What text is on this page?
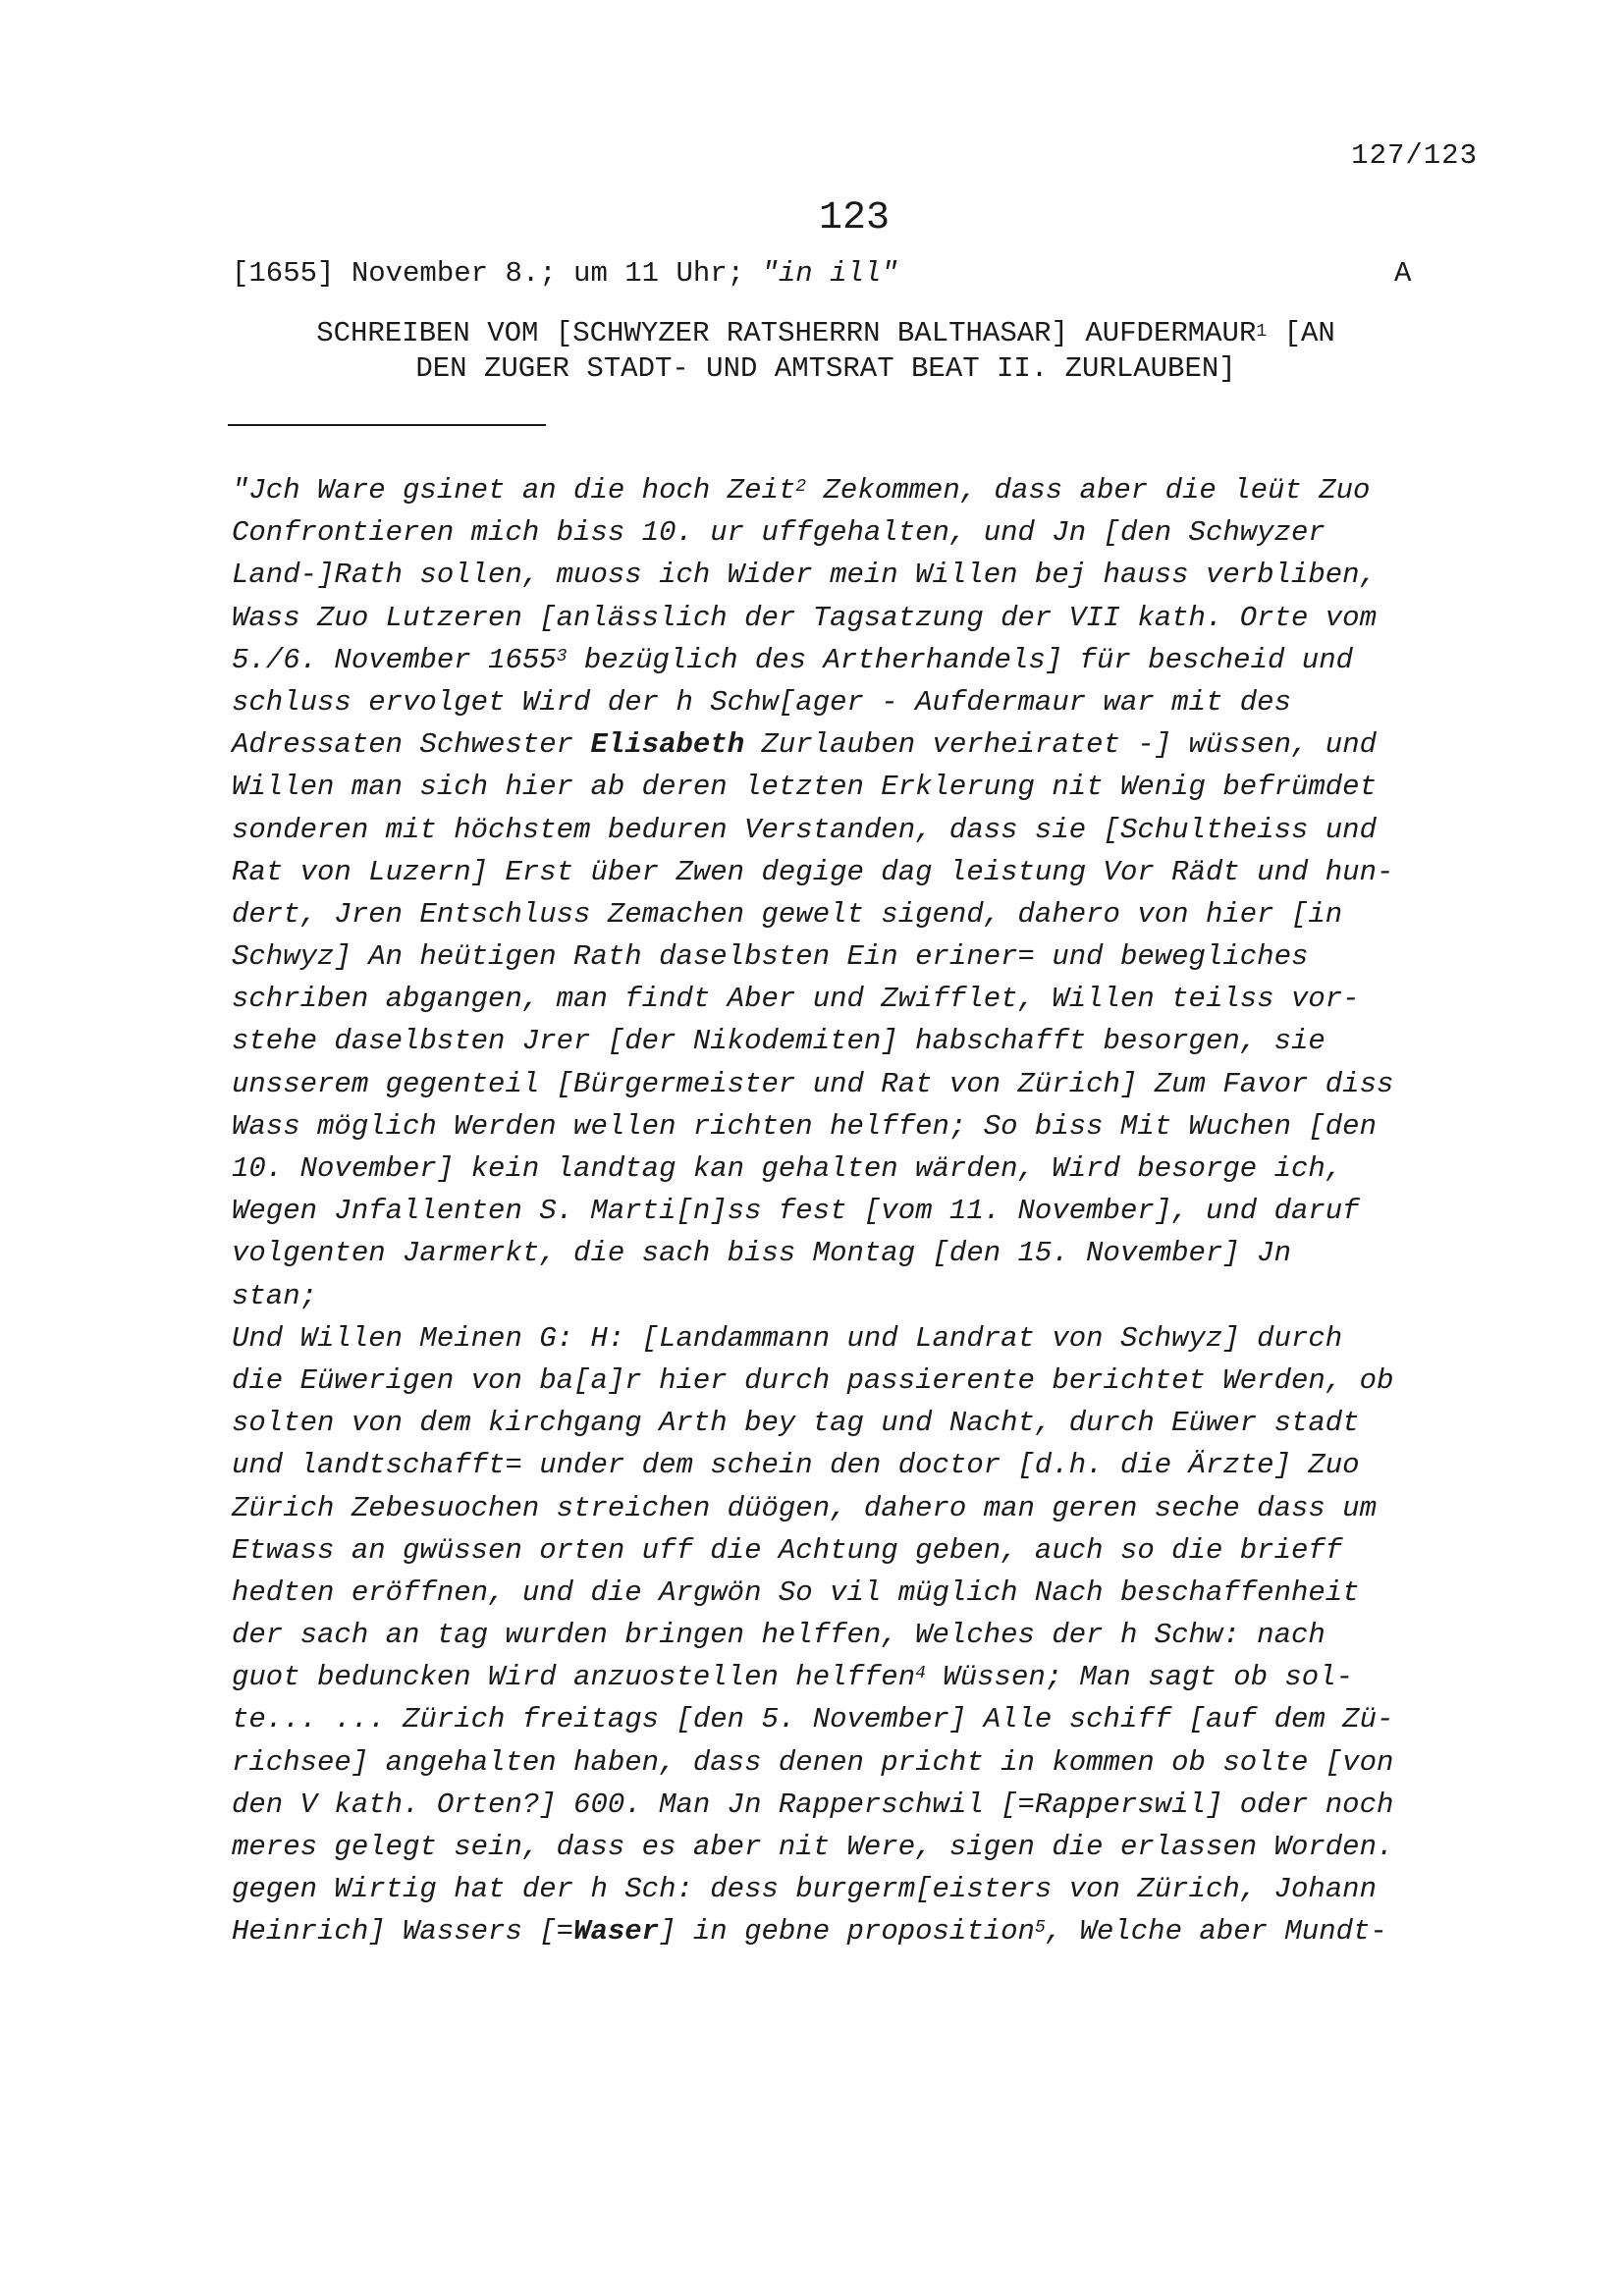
127/123
123
[1655] November 8.; um 11 Uhr; "in ill"	A
SCHREIBEN VOM [SCHWYZER RATSHERRN BALTHASAR] AUFDERMAUR$^1$ [AN
DEN ZUGER STADT- UND AMTSRAT BEAT II. ZURLAUBEN]
"Jch Ware gsinet an die hoch Zeit$^2$ Zekommen, dass aber die leüt Zuo
Confrontieren mich biss 10. ur uffgehalten, und Jn [den Schwyzer
Land-]Rath sollen, muoss ich Wider mein Willen bej hauss verbliben,
Wass Zuo Lutzeren [anlässlich der Tagsatzung der VII kath. Orte vom
5./6. November 1655$^3$ bezüglich des Artherhandels] für bescheid und
schluss ervolget Wird der h Schw[ager - Aufdermaur war mit des
Adressaten Schwester Elisabeth Zurlauben verheiratet -] wüssen, und
Willen man sich hier ab deren letzten Erklerung nit Wenig befrümdet
sonderen mit höchstem beduren Verstanden, dass sie [Schultheiss und
Rat von Luzern] Erst über Zwen degige dag leistung Vor Rädt und hun-
dert, Jren Entschluss Zemachen gewelt sigend, dahero von hier [in
Schwyz] An heütigen Rath daselbsten Ein eriner= und bewegliches
schriben abgangen, man findt Aber und Zwifflet, Willen teilss vor-
stehe daselbsten Jrer [der Nikodemiten] habschafft besorgen, sie
unsserem gegenteil [Bürgermeister und Rat von Zürich] Zum Favor diss
Wass möglich Werden wellen richten helffen; So biss Mit Wuchen [den
10. November] kein landtag kan gehalten wärden, Wird besorge ich,
Wegen Jnfallenten S. Marti[n]ss fest [vom 11. November], und daruf
volgenten Jarmerkt, die sach biss Montag [den 15. November] Jn
stan;
Und Willen Meinen G: H: [Landammann und Landrat von Schwyz] durch
die Eüwerigen von ba[a]r hier durch passierente berichtet Werden, ob
solten von dem kirchgang Arth bey tag und Nacht, durch Eüwer stadt
und landtschafft= under dem schein den doctor [d.h. die Ärzte] Zuo
Zürich Zebesuochen streichen düögen, dahero man geren seche dass um
Etwass an gwüssen orten uff die Achtung geben, auch so die brieff
hedten eröffnen, und die Argwön So vil müglich Nach beschaffenheit
der sach an tag wurden bringen helffen, Welches der h Schw: nach
guot beduncken Wird anzuostellen helffen$^4$ Wüssen; Man sagt ob sol-
te... ... Zürich freitags [den 5. November] Alle schiff [auf dem Zü-
richsee] angehalten haben, dass denen pricht in kommen ob solte [von
den V kath. Orten?] 600. Man Jn Rapperschwil [=Rapperswil] oder noch
meres gelegt sein, dass es aber nit Were, sigen die erlassen Worden.
gegen Wirtig hat der h Sch: dess burgerm[eisters von Zürich, Johann
Heinrich] Wassers [=Waser] in gebne proposition$^5$, Welche aber Mundt-
